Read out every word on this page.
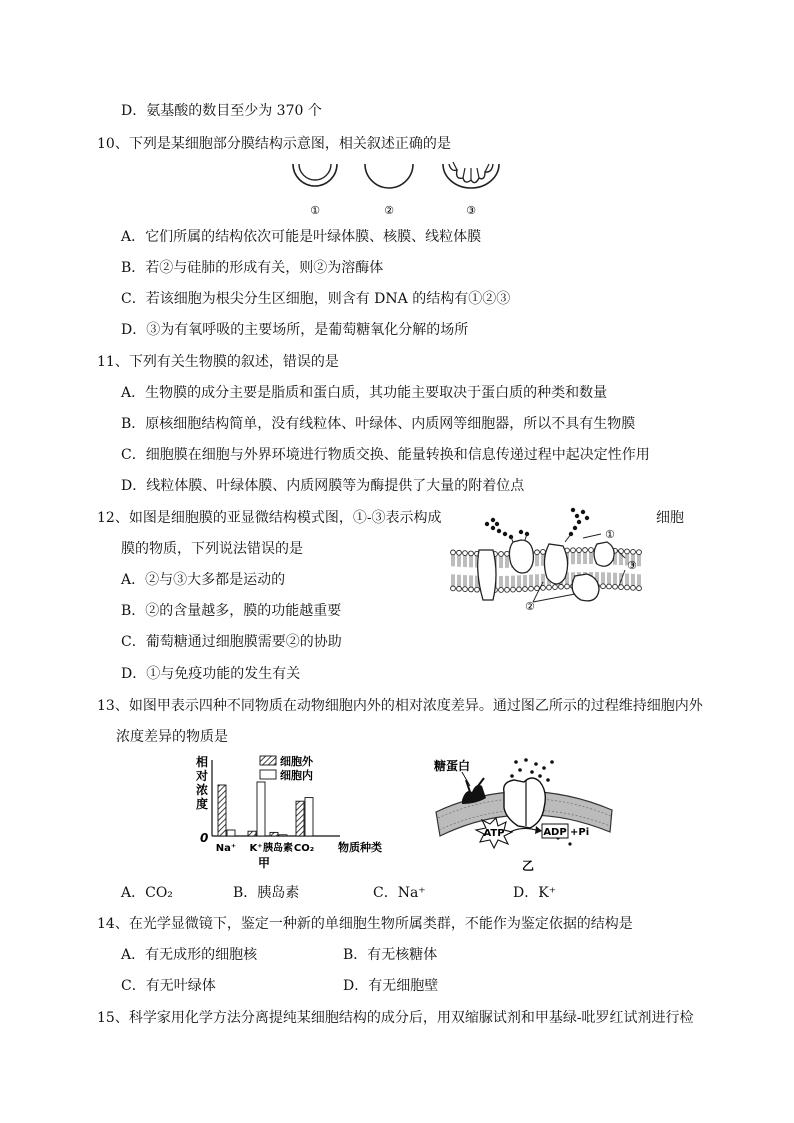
D．氨基酸的数目至少为 370 个
10、下列是某细胞部分膜结构示意图，相关叙述正确的是
①	②	③
A．它们所属的结构依次可能是叶绿体膜、核膜、线粒体膜
B．若②与硅肺的形成有关，则②为溶酶体
C．若该细胞为根尖分生区细胞，则含有 DNA 的结构有①②③
D．③为有氧呼吸的主要场所，是葡萄糖氧化分解的场所
11、下列有关生物膜的叙述，错误的是
A．生物膜的成分主要是脂质和蛋白质，其功能主要取决于蛋白质的种类和数量
B．原核细胞结构简单，没有线粒体、叶绿体、内质网等细胞器，所以不具有生物膜
C．细胞膜在细胞与外界环境进行物质交换、能量转换和信息传递过程中起决定性作用
D．线粒体膜、叶绿体膜、内质网膜等为酶提供了大量的附着位点
12、如图是细胞膜的亚显微结构模式图，①-③表示构成	细胞
膜的物质，下列说法错误的是
①
③
②
A．②与③大多都是运动的
B．②的含量越多，膜的功能越重要
C．葡萄糖通过细胞膜需要②的协助
D．①与免疫功能的发生有关
13、如图甲表示四种不同物质在动物细胞内外的相对浓度差异。通过图乙所示的过程维持细胞内外
浓度差异的物质是
相
对
浓
度
0
Na⁺ K⁺ 胰岛素 CO₂ 物质种类
甲
细胞外
细胞内
糖蛋白
ATP	ADP +Pi
乙
A．CO₂	B．胰岛素	C．Na⁺	D．K⁺
14、在光学显微镜下，鉴定一种新的单细胞生物所属类群，不能作为鉴定依据的结构是
A．有无成形的细胞核	B．有无核糖体
C．有无叶绿体	D．有无细胞壁
15、科学家用化学方法分离提纯某细胞结构的成分后，用双缩脲试剂和甲基绿-吡罗红试剂进行检
